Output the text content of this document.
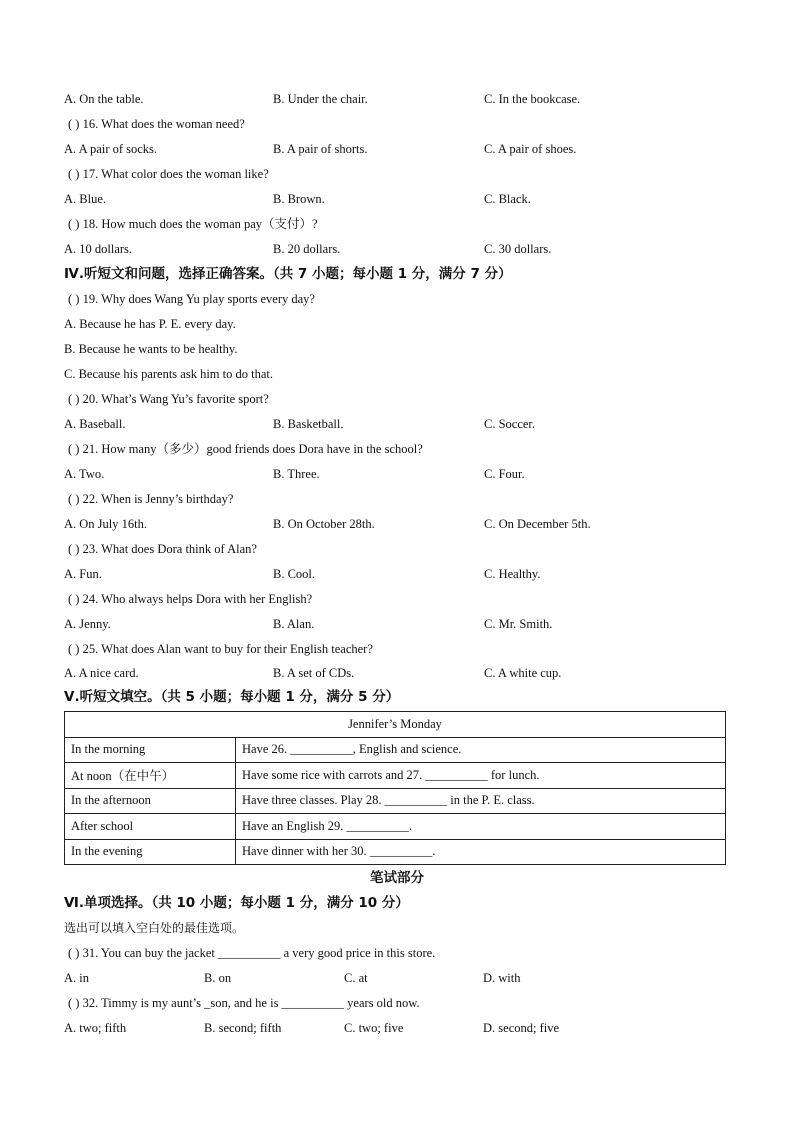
A. On the table.	B. Under the chair.	C. In the bookcase.
( ) 16. What does the woman need?
A. A pair of socks.	B. A pair of shorts.	C. A pair of shoes.
( ) 17. What color does the woman like?
A. Blue.	B. Brown.	C. Black.
( ) 18. How much does the woman pay（支付）?
A. 10 dollars.	B. 20 dollars.	C. 30 dollars.
Ⅳ.听短文和问题，选择正确答案。（共 7 小题；每小题 1 分，满分 7 分）
( ) 19. Why does Wang Yu play sports every day?
A. Because he has P. E. every day.
B. Because he wants to be healthy.
C. Because his parents ask him to do that.
( ) 20. What’s Wang Yu’s favorite sport?
A. Baseball.	B. Basketball.	C. Soccer.
( ) 21. How many（多少）good friends does Dora have in the school?
A. Two.	B. Three.	C. Four.
( ) 22. When is Jenny’s birthday?
A. On July 16th.	B. On October 28th.	C. On December 5th.
( ) 23. What does Dora think of Alan?
A. Fun.	B. Cool.	C. Healthy.
( ) 24. Who always helps Dora with her English?
A. Jenny.	B. Alan.	C. Mr. Smith.
( ) 25. What does Alan want to buy for their English teacher?
A. A nice card.	B. A set of CDs.	C. A white cup.
Ⅴ.听短文填空。（共 5 小题；每小题 1 分，满分 5 分）
Jennifer’s Monday	
In the morning	Have 26. __________, English and science.
At noon（在中午）	Have some rice with carrots and 27. __________ for lunch.
In the afternoon	Have three classes. Play 28. __________ in the P. E. class.
After school	Have an English 29. __________.
In the evening	Have dinner with her 30. __________.
笔试部分
Ⅵ.单项选择。（共 10 小题；每小题 1 分，满分 10 分）
选出可以填入空白处的最佳选项。
( ) 31. You can buy the jacket __________ a very good price in this store.
A. in	B. on	C. at	D. with
( ) 32. Timmy is my aunt’s _son, and he is __________ years old now.
A. two; fifth	B. second; fifth	C. two; five	D. second; five
